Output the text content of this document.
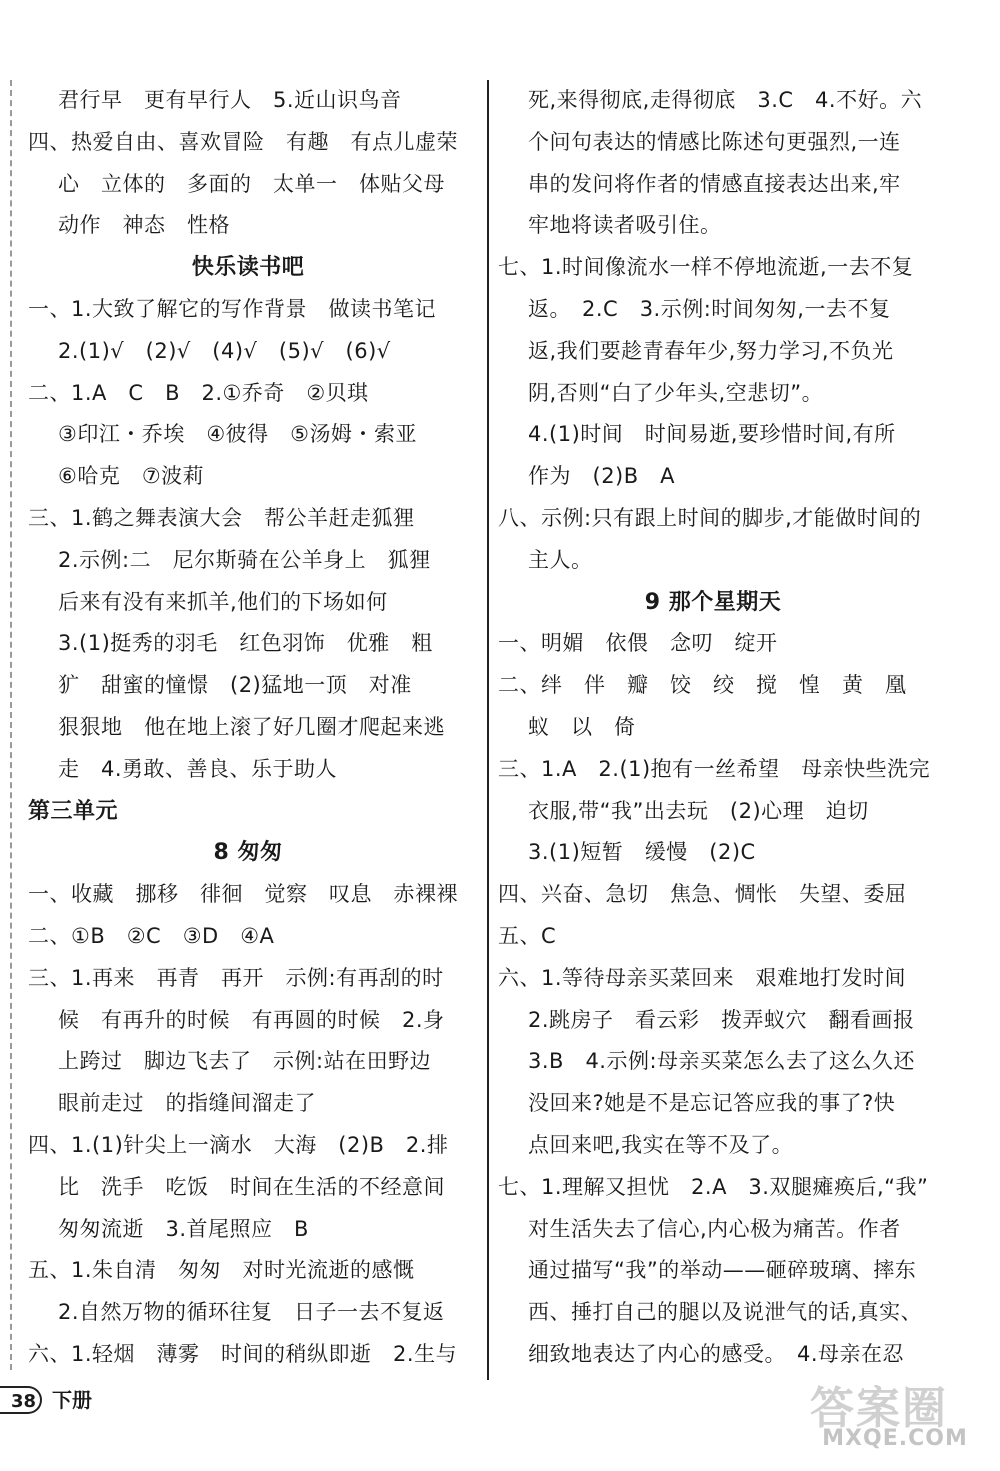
君行早　更有早行人　5.近山识鸟音
四、热爱自由、喜欢冒险　有趣　有点儿虚荣
心　立体的　多面的　太单一　体贴父母
动作　神态　性格
快乐读书吧
一、1.大致了解它的写作背景　做读书笔记
2.(1)√　(2)√　(4)√　(5)√　(6)√
二、1.A　C　B　2.①乔奇　②贝琪
③印江・乔埃　④彼得　⑤汤姆・索亚
⑥哈克　⑦波莉
三、1.鹤之舞表演大会　帮公羊赶走狐狸
2.示例:二　尼尔斯骑在公羊身上　狐狸
后来有没有来抓羊,他们的下场如何
3.(1)挺秀的羽毛　红色羽饰　优雅　粗
犷　甜蜜的憧憬　(2)猛地一顶　对准
狠狠地　他在地上滚了好几圈才爬起来逃
走　4.勇敢、善良、乐于助人
第三单元
8 匆匆
一、收藏　挪移　徘徊　觉察　叹息　赤裸裸
二、①B　②C　③D　④A
三、1.再来　再青　再开　示例:有再刮的时
候　有再升的时候　有再圆的时候　2.身
上跨过　脚边飞去了　示例:站在田野边
眼前走过　的指缝间溜走了
四、1.(1)针尖上一滴水　大海　(2)B　2.排
比　洗手　吃饭　时间在生活的不经意间
匆匆流逝　3.首尾照应　B
五、1.朱自清　匆匆　对时光流逝的感慨
2.自然万物的循环往复　日子一去不复返
六、1.轻烟　薄雾　时间的稍纵即逝　2.生与
死,来得彻底,走得彻底　3.C　4.不好。六
个问句表达的情感比陈述句更强烈,一连
串的发问将作者的情感直接表达出来,牢
牢地将读者吸引住。
七、1.时间像流水一样不停地流逝,一去不复
返。　2.C　3.示例:时间匆匆,一去不复
返,我们要趁青春年少,努力学习,不负光
阴,否则“白了少年头,空悲切”。
4.(1)时间　时间易逝,要珍惜时间,有所
作为　(2)B　A
八、示例:只有跟上时间的脚步,才能做时间的
主人。
9 那个星期天
一、明媚　依偎　念叨　绽开
二、绊　伴　瓣　饺　绞　搅　惶　黄　凰
蚁　以　倚
三、1.A　2.(1)抱有一丝希望　母亲快些洗完
衣服,带“我”出去玩　(2)心理　迫切
3.(1)短暂　缓慢　(2)C
四、兴奋、急切　焦急、惆怅　失望、委屈
五、C
六、1.等待母亲买菜回来　艰难地打发时间
2.跳房子　看云彩　拨弄蚁穴　翻看画报
3.B　4.示例:母亲买菜怎么去了这么久还
没回来?她是不是忘记答应我的事了?快
点回来吧,我实在等不及了。
七、1.理解又担忧　2.A　3.双腿瘫痪后,“我”
对生活失去了信心,内心极为痛苦。作者
通过描写“我”的举动——砸碎玻璃、摔东
西、捶打自己的腿以及说泄气的话,真实、
细致地表达了内心的感受。　4.母亲在忍
38 下册	答案圈
MXQE.COM
